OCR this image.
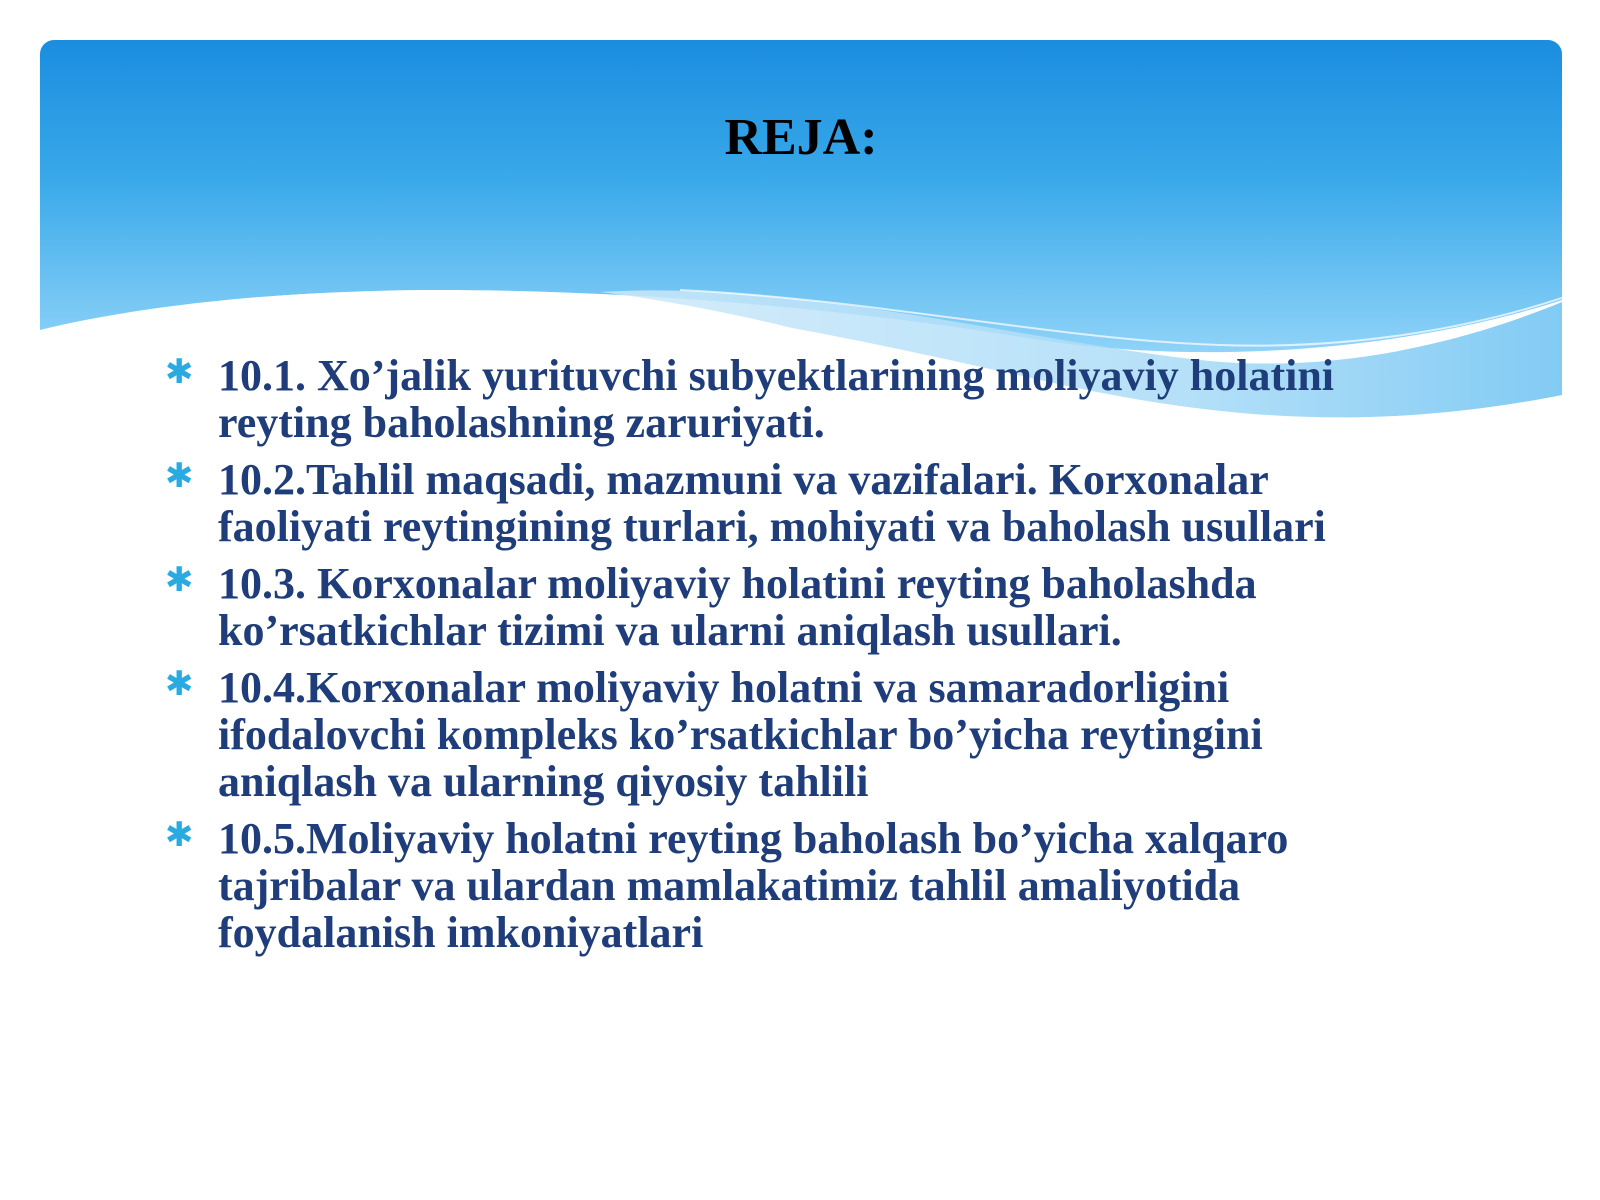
REJA:
✱ 10.1. Xo’jalik yurituvchi subyektlarining moliyaviy holatini reyting baholashning zaruriyati.
✱ 10.2.Tahlil maqsadi, mazmuni va vazifalari. Korxonalar faoliyati reytingining turlari, mohiyati va baholash usullari
✱ 10.3. Korxonalar moliyaviy holatini reyting baholashda ko’rsatkichlar tizimi va ularni aniqlash usullari.
✱ 10.4.Korxonalar moliyaviy holatni va samaradorligini ifodalovchi kompleks ko’rsatkichlar bo’yicha reytingini aniqlash va ularning qiyosiy tahlili
✱ 10.5.Moliyaviy holatni reyting baholash bo’yicha xalqaro tajribalar va ulardan mamlakatimiz tahlil amaliyotida foydalanish imkoniyatlari
